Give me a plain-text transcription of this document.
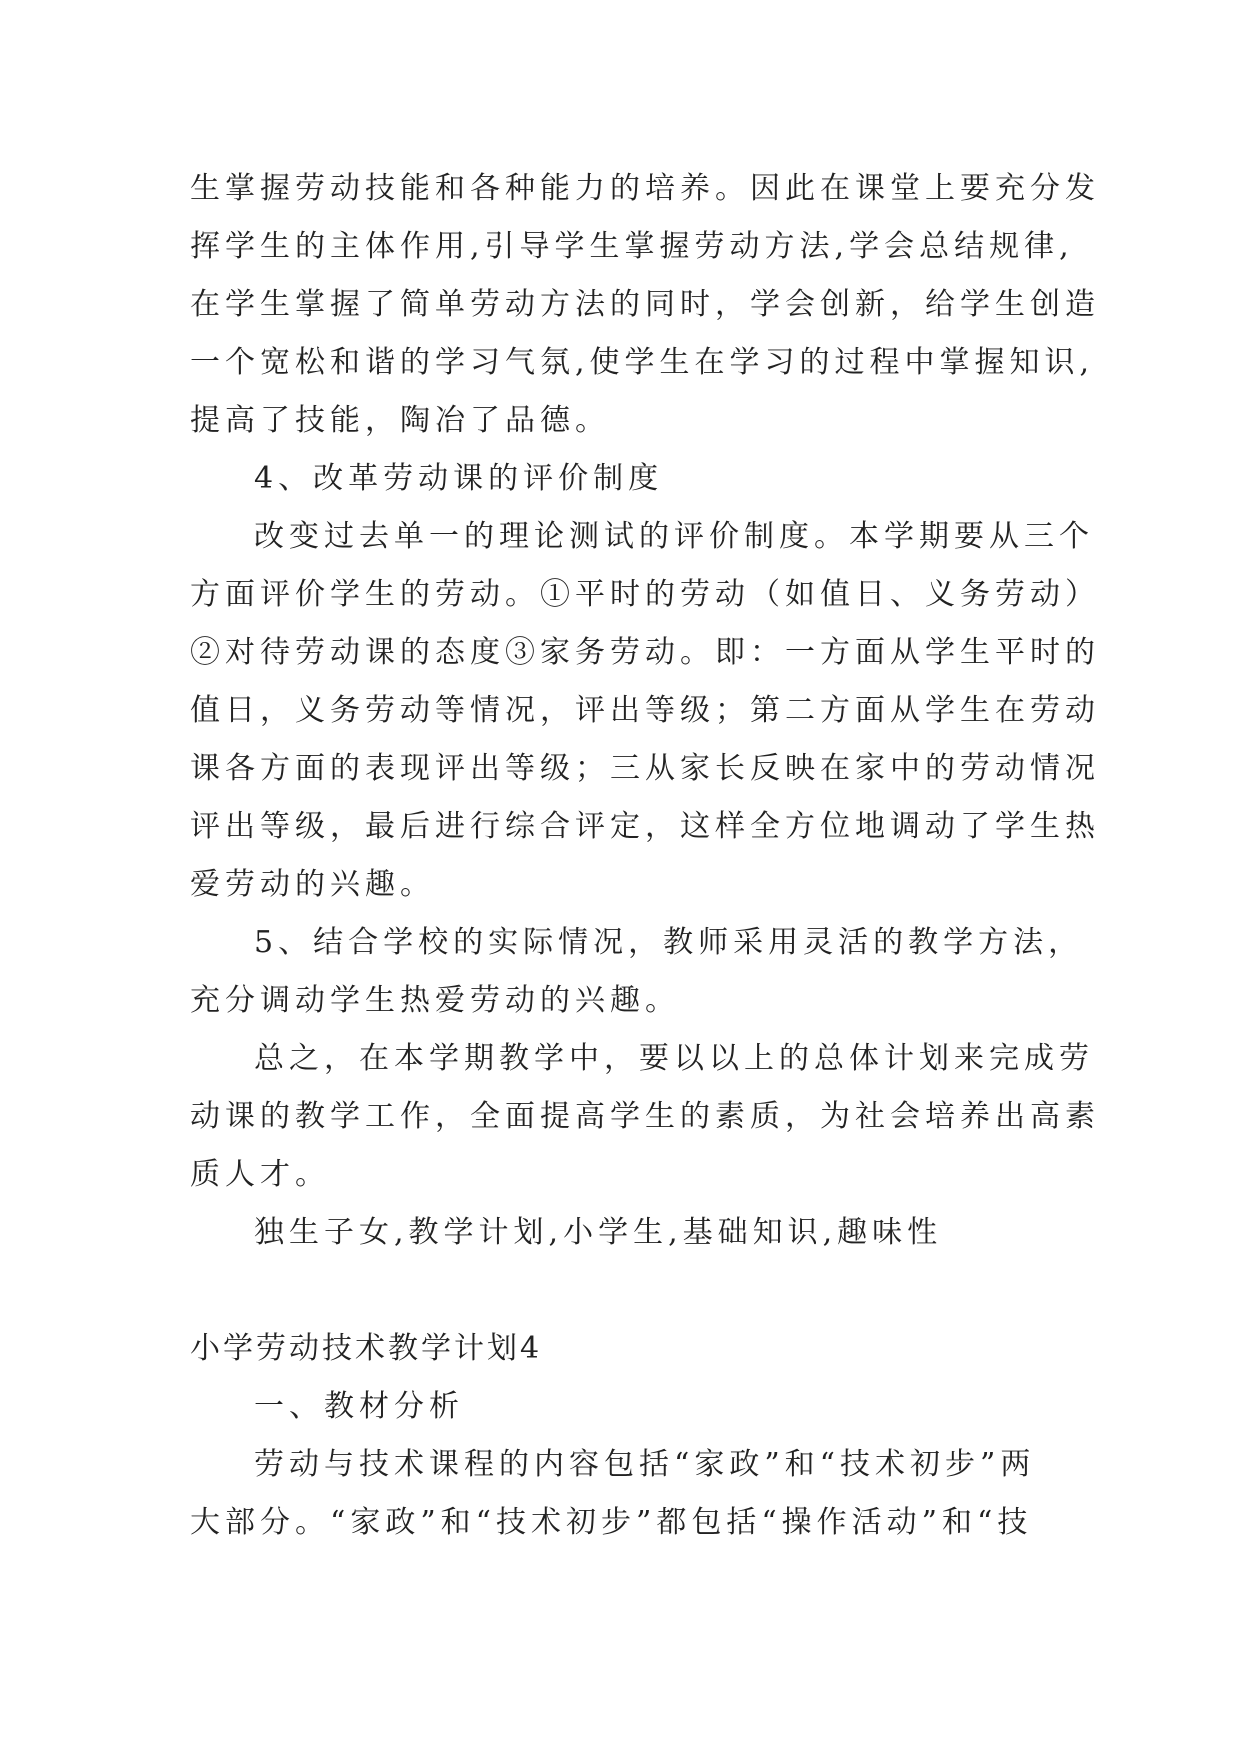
生掌握劳动技能和各种能力的培养。因此在课堂上要充分发
挥学生的主体作用,引导学生掌握劳动方法,学会总结规律,
在学生掌握了简单劳动方法的同时，学会创新，给学生创造
一个宽松和谐的学习气氛,使学生在学习的过程中掌握知识,
提高了技能，陶冶了品德。
4、改革劳动课的评价制度
改变过去单一的理论测试的评价制度。本学期要从三个
方面评价学生的劳动。①平时的劳动（如值日、义务劳动）
②对待劳动课的态度③家务劳动。即：一方面从学生平时的
值日，义务劳动等情况，评出等级；第二方面从学生在劳动
课各方面的表现评出等级；三从家长反映在家中的劳动情况
评出等级，最后进行综合评定，这样全方位地调动了学生热
爱劳动的兴趣。
5、结合学校的实际情况，教师采用灵活的教学方法，
充分调动学生热爱劳动的兴趣。
总之，在本学期教学中，要以以上的总体计划来完成劳
动课的教学工作，全面提高学生的素质，为社会培养出高素
质人才。
独生子女,教学计划,小学生,基础知识,趣味性
小学劳动技术教学计划4
一、教材分析
劳动与技术课程的内容包括“家政”和“技术初步”两
大部分。“家政”和“技术初步”都包括“操作活动”和“技
